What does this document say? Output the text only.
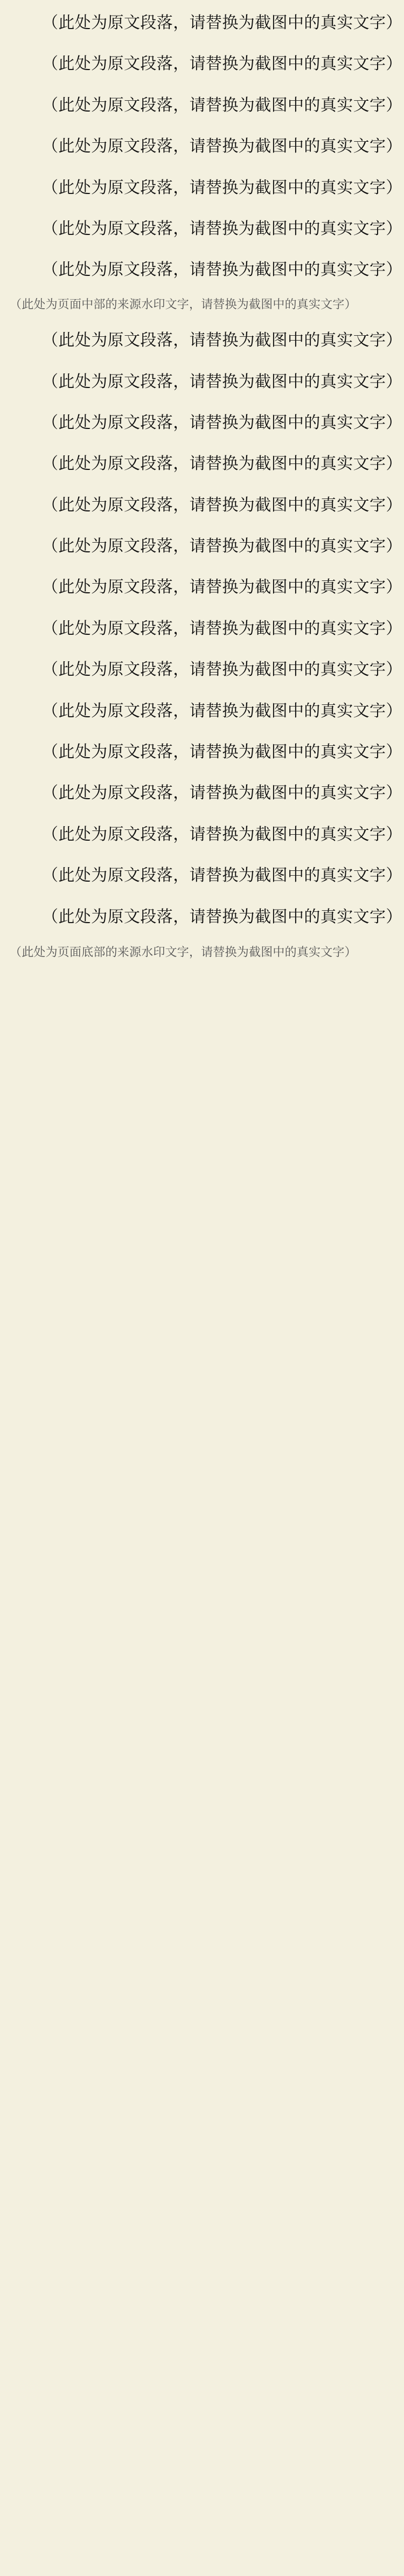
（此处为原文段落，请替换为截图中的真实文字）

（此处为原文段落，请替换为截图中的真实文字）

（此处为原文段落，请替换为截图中的真实文字）

（此处为原文段落，请替换为截图中的真实文字）

（此处为原文段落，请替换为截图中的真实文字）

（此处为原文段落，请替换为截图中的真实文字）

（此处为原文段落，请替换为截图中的真实文字）

（此处为页面中部的来源水印文字，请替换为截图中的真实文字）

（此处为原文段落，请替换为截图中的真实文字）

（此处为原文段落，请替换为截图中的真实文字）

（此处为原文段落，请替换为截图中的真实文字）

（此处为原文段落，请替换为截图中的真实文字）

（此处为原文段落，请替换为截图中的真实文字）

（此处为原文段落，请替换为截图中的真实文字）

（此处为原文段落，请替换为截图中的真实文字）

（此处为原文段落，请替换为截图中的真实文字）

（此处为原文段落，请替换为截图中的真实文字）

（此处为原文段落，请替换为截图中的真实文字）

（此处为原文段落，请替换为截图中的真实文字）

（此处为原文段落，请替换为截图中的真实文字）

（此处为原文段落，请替换为截图中的真实文字）

（此处为原文段落，请替换为截图中的真实文字）

（此处为原文段落，请替换为截图中的真实文字）

（此处为页面底部的来源水印文字，请替换为截图中的真实文字）
